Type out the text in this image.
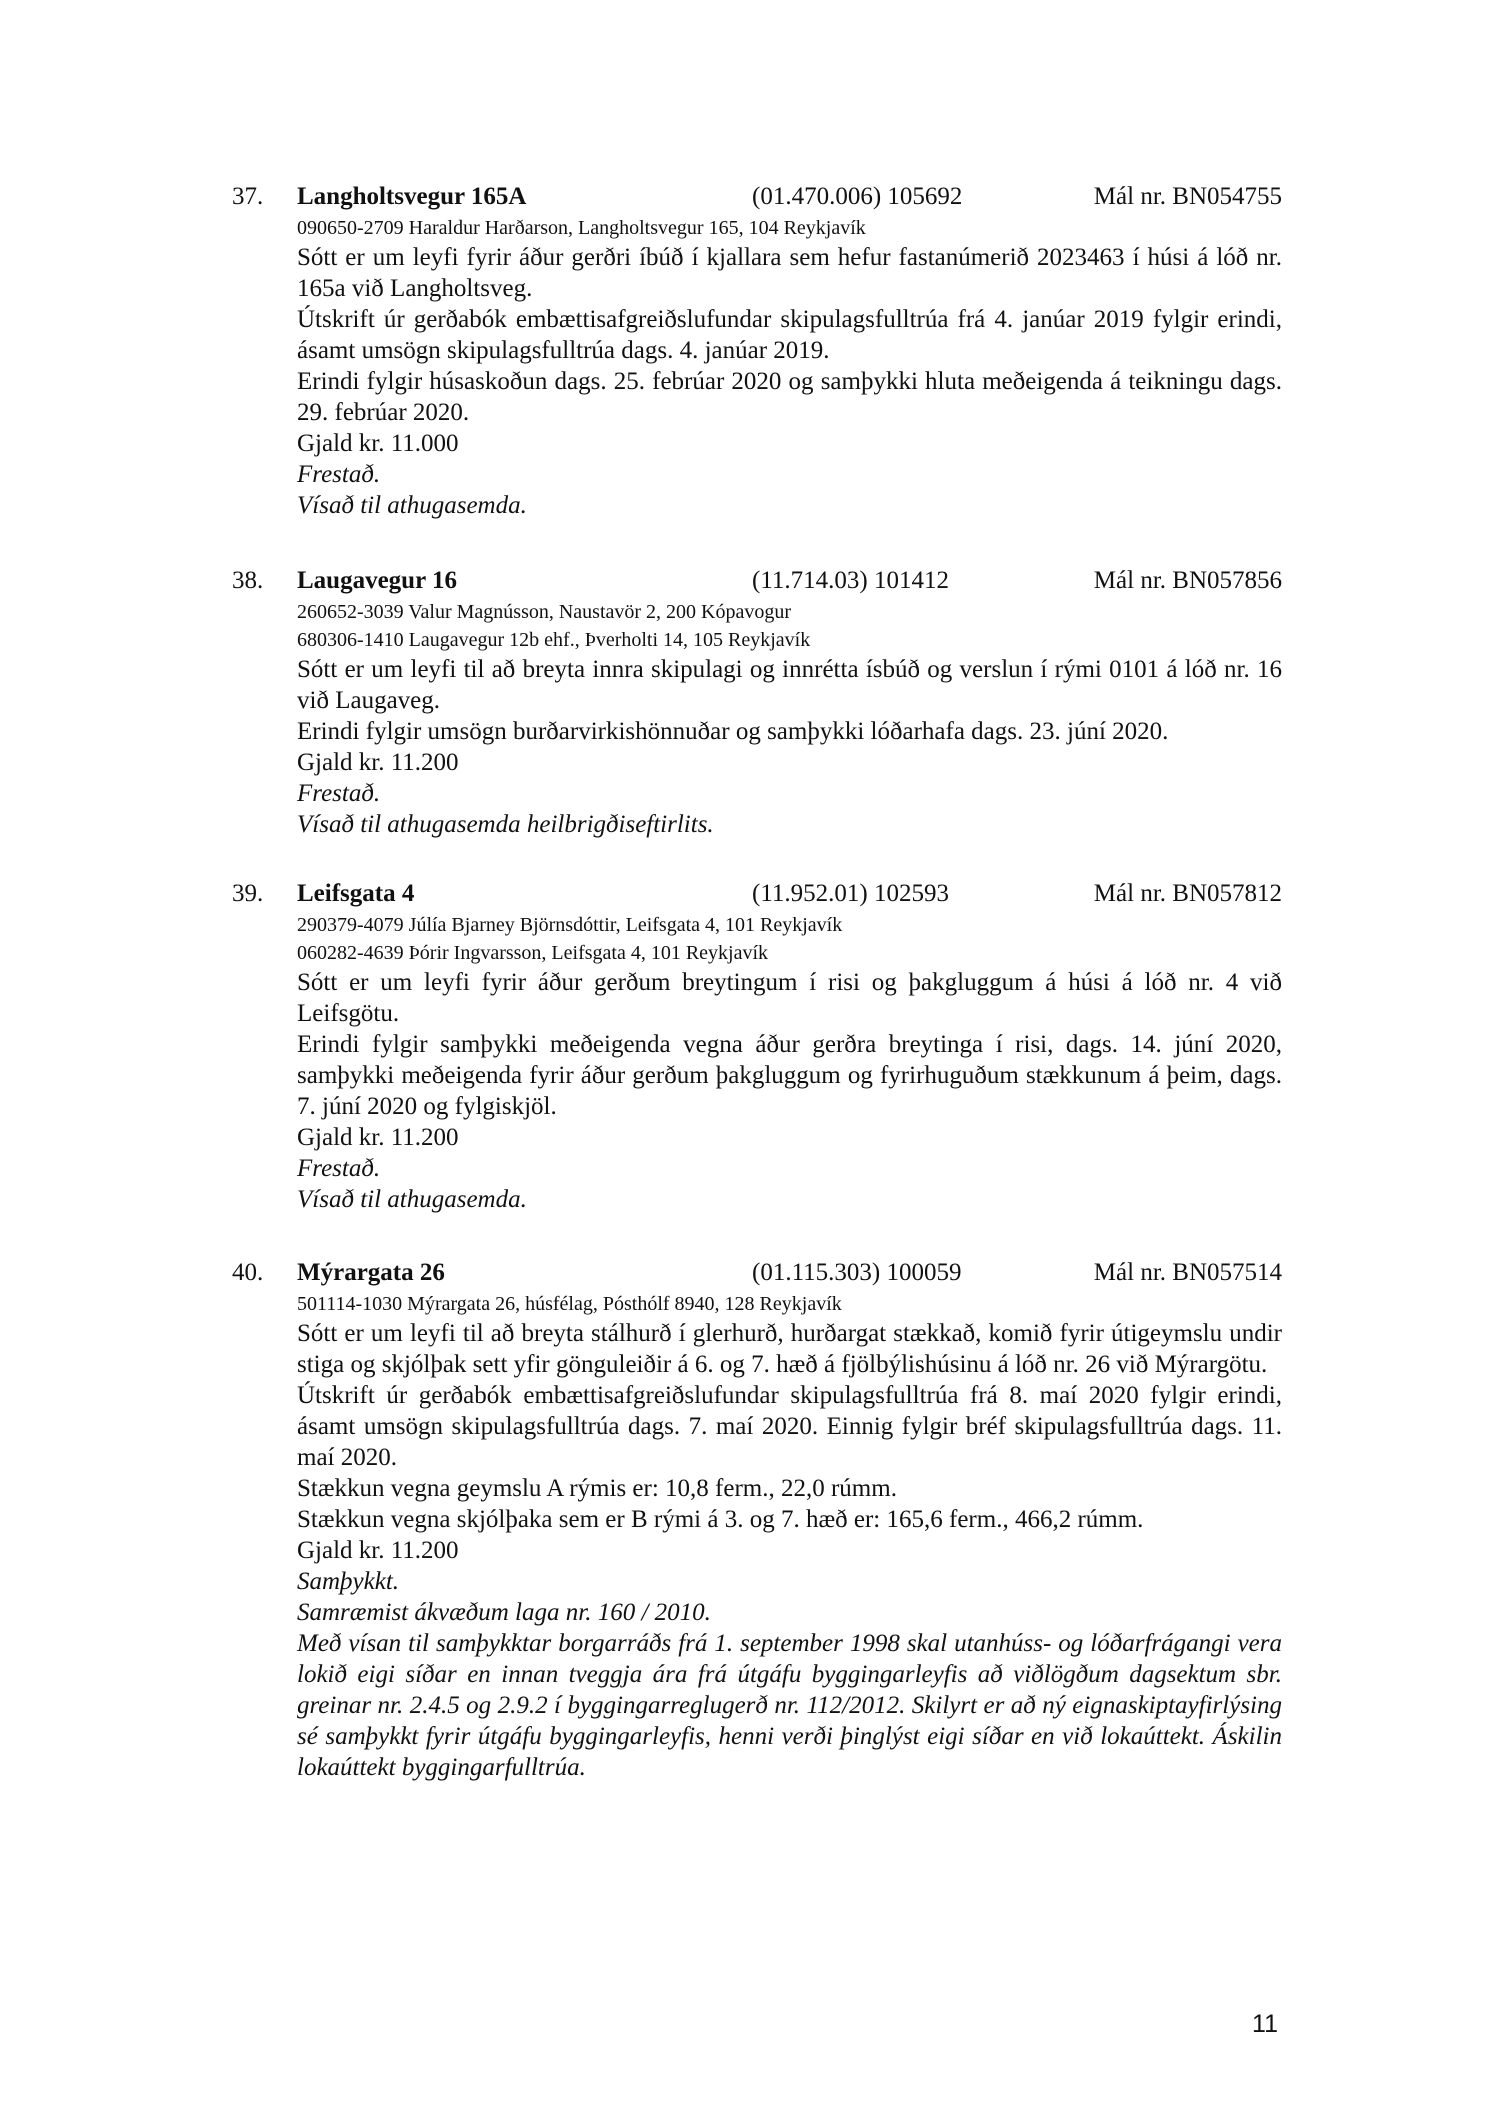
37. Langholtsvegur 165A	(01.470.006) 105692	Mál nr. BN054755
090650-2709 Haraldur Harðarson, Langholtsvegur 165, 104 Reykjavík

Sótt er um leyfi fyrir áður gerðri íbúð í kjallara sem hefur fastanúmerið 2023463 í húsi á lóð nr. 165a við Langholtsveg.

Útskrift úr gerðabók embættisafgreiðslufundar skipulagsfulltrúa frá 4. janúar 2019 fylgir erindi, ásamt umsögn skipulagsfulltrúa dags. 4. janúar 2019.

Erindi fylgir húsaskoðun dags. 25. febrúar 2020 og samþykki hluta meðeigenda á teikningu dags. 29. febrúar 2020.

Gjald kr. 11.000
Frestað.
Vísað til athugasemda.
38. Laugavegur 16	(11.714.03) 101412	Mál nr. BN057856
260652-3039 Valur Magnússon, Naustavör 2, 200 Kópavogur
680306-1410 Laugavegur 12b ehf., Þverholti 14, 105 Reykjavík

Sótt er um leyfi til að breyta innra skipulagi og innrétta ísbúð og verslun í rými 0101 á lóð nr. 16 við Laugaveg.

Erindi fylgir umsögn burðarvirkishönnuðar og samþykki lóðarhafa dags. 23. júní 2020.

Gjald kr. 11.200
Frestað.
Vísað til athugasemda heilbrigðiseftirlits.
39. Leifsgata 4	(11.952.01) 102593	Mál nr. BN057812
290379-4079 Júlía Bjarney Björnsdóttir, Leifsgata 4, 101 Reykjavík
060282-4639 Þórir Ingvarsson, Leifsgata 4, 101 Reykjavík

Sótt er um leyfi fyrir áður gerðum breytingum í risi og þakgluggum á húsi á lóð nr. 4 við Leifsgötu.

Erindi fylgir samþykki meðeigenda vegna áður gerðra breytinga í risi, dags. 14. júní 2020, samþykki meðeigenda fyrir áður gerðum þakgluggum og fyrirhuguðum stækkunum á þeim, dags. 7. júní 2020 og fylgiskjöl.

Gjald kr. 11.200
Frestað.
Vísað til athugasemda.
40. Mýrargata 26	(01.115.303) 100059	Mál nr. BN057514
501114-1030 Mýrargata 26, húsfélag, Pósthólf 8940, 128 Reykjavík

Sótt er um leyfi til að breyta stálhurð í glerhurð, hurðargat stækkað, komið fyrir útigeymslu undir stiga og skjólþak sett yfir gönguleiðir á 6. og 7. hæð á fjölbýlishúsinu á lóð nr. 26 við Mýrargötu.

Útskrift úr gerðabók embættisafgreiðslufundar skipulagsfulltrúa frá 8. maí 2020 fylgir erindi, ásamt umsögn skipulagsfulltrúa dags. 7. maí 2020. Einnig fylgir bréf skipulagsfulltrúa dags. 11. maí 2020.

Stækkun vegna geymslu A rýmis er: 10,8 ferm., 22,0 rúmm.
Stækkun vegna skjólþaka sem er B rými á 3. og 7. hæð er: 165,6 ferm., 466,2 rúmm.
Gjald kr. 11.200
Samþykkt.
Samræmist ákvæðum laga nr. 160 / 2010.

Með vísan til samþykktar borgarráðs frá 1. september 1998 skal utanhúss- og lóðarfrágangi vera lokið eigi síðar en innan tveggja ára frá útgáfu byggingarleyfis að viðlögðum dagsektum sbr. greinar nr. 2.4.5 og 2.9.2 í byggingarreglugerð nr. 112/2012. Skilyrt er að ný eignaskiptayfirlýsing sé samþykkt fyrir útgáfu byggingarleyfis, henni verði þinglýst eigi síðar en við lokaúttekt. Áskilin lokaúttekt byggingarfulltrúa.

11
